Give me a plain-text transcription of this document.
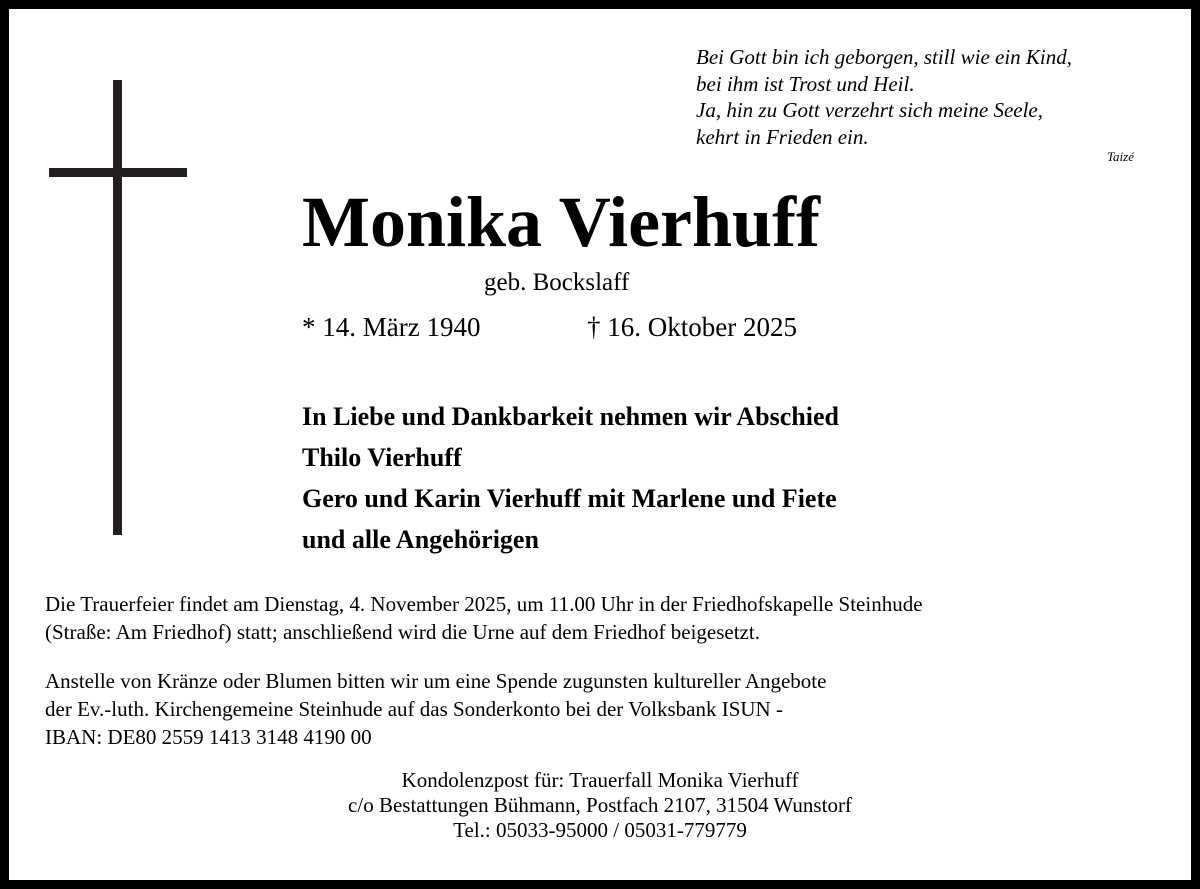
Bei Gott bin ich geborgen, still wie ein Kind,
bei ihm ist Trost und Heil.
Ja, hin zu Gott verzehrt sich meine Seele,
kehrt in Frieden ein.
Taizé
Monika Vierhuff
geb. Bockslaff
* 14. März 1940	† 16. Oktober 2025
In Liebe und Dankbarkeit nehmen wir Abschied
Thilo Vierhuff
Gero und Karin Vierhuff mit Marlene und Fiete
und alle Angehörigen
Die Trauerfeier findet am Dienstag, 4. November 2025, um 11.00 Uhr in der Friedhofskapelle Steinhude
(Straße: Am Friedhof) statt; anschließend wird die Urne auf dem Friedhof beigesetzt.
Anstelle von Kränze oder Blumen bitten wir um eine Spende zugunsten kultureller Angebote
der Ev.-luth. Kirchengemeine Steinhude auf das Sonderkonto bei der Volksbank ISUN -
IBAN: DE80 2559 1413 3148 4190 00
Kondolenzpost für: Trauerfall Monika Vierhuff
c/o Bestattungen Bühmann, Postfach 2107, 31504 Wunstorf
Tel.: 05033-95000 / 05031-779779
